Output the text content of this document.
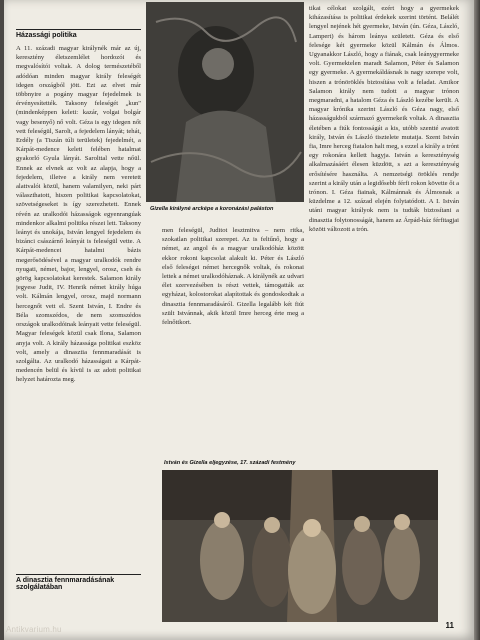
Házassági politika
A 11. századi magyar királynék már az új, keresztény életszemlélet hordozói és megvalósítói voltak. A dolog természetéből adódóan minden magyar király feleségét idegen országból jött. Ezt az elvet már többnyire a pogány magyar fejedelmek is érvényesítették. Taksony feleségét „kun" (mindenképpen keleti: kazár, volgai bolgár vagy besenyő) nő volt. Géza is egy idegen nőt vett feleségül, Sarolt, a fejedelem lányát; tehát, Erdély (a Tiszán túli területek) fejedelmét, a Kárpát-medence keleti felében hatalmat gyakorló Gyula lányát. Sarolttal vette nőül. Ennek az elvnek az volt az alapja, hogy a fejedelem, illetve a király nem veretett alattvalói közül, hanem valamilyen, neki párt választhatott, hiszen politikai kapcsolatokat, szövetségeseket is így szerezhetett. Ennek révén az uralkodói házasságok egyenrangúak mindenkor alkalmi politika részei lett. Taksony leányt és unokája, István lengyel fejedelem és bizánci császárnő leányát is feleségül vette. A Kárpát-medencei hatalmi bázis megerősödésével a magyar uralkodók rendre nyugati, német, bajor, lengyel, orosz, cseh és görög kapcsolatokat kerestek. Salamon király jegyese Judit, IV. Henrik német király húga volt. Kálmán lengyel, orosz, majd normann hercegnőt vett el. Szent István, I. Endre és Béla szomszédos, de nem szomszédos országok uralkodóinak leányait vette feleségül. Magyar feleségek közül csak Ilona, Salamon anyja volt. A király házassága politikai eszköz volt, amely a dinasztia fennmaradását is szolgálta. Az uralkodó házasságait a Kárpát-medencén belül és kívül is az adott politikai helyzet határozta meg.
Gizella királyné arcképe a koronázási paláston
men feleségül, Juditot lesztmitva – nem ritka, szokatlan politikai szerepet. Az is feltűnő, hogy a német, az angol és a magyar uralkodóház között ekkor rokoni kapcsolat alakult ki. Péter és László első feleségei német hercegnők voltak, és rokonai lettek a német uralkodóháznak. A királynék az udvari élet szervezésében is részt vettek, támogatták az egyházat, kolostorokat alapítottak és gondoskodtak a dinasztia fennmaradásáról. Gizella legalább két fiút szült Istvánnak, akik közül Imre herceg érte meg a felnőttkort.
István és Gizella eljegyzése, 17. századi festmény
tikai célokat szolgált, ezért hogy a gyermekek kiházasítása is politikai érdekek szerint történt. Belálét lengyel nejének hét gyermeke, István (ún. Géza, László, Lampert) és három leánya született. Géza és első felesége két gyermeke közül Kálmán és Álmos. Ugyanakkor László, hogy a fiának, csak leánygyermeke volt. Gyermektelen maradt Salamon, Péter és Salamon egy gyermeke. A gyermekáldásnak is nagy szerepe volt, hiszen a trónöröklés biztosítása volt a feladat. Amikor Salamon király nem tudott a magyar trónon megmaradni, a hatalom Géza és László kezébe került. A magyar krónika szerint László és Géza nagy, első házasságukból származó gyermekeik voltak. A dinasztia életében a fiúk fontosságát a kis, utóbb szentté avatott király, István és László tisztelete mutatja. Szent István fia, Imre herceg fiatalon halt meg, s ezzel a király a trónt egy rokonára kellett hagyja. István a kereszténység alkalmazásáért élesen küzdött, s azt a kereszténység erősítésére használta. A nemzetségi öröklés rendje szerint a király után a legidősebb férfi rokon követte őt a trónon. I. Géza fiainak, Kálmánnak és Álmosnak a küzdelme a 12. század elején folytatódott. A I. István utáni magyar királyok nem is tudták biztosítani a dinasztia folytonosságát, hanem az Árpád-ház férfitagjai között változott a trón.
A dinasztia fennmaradásának szolgálatában
11
Antikvarium.hu
